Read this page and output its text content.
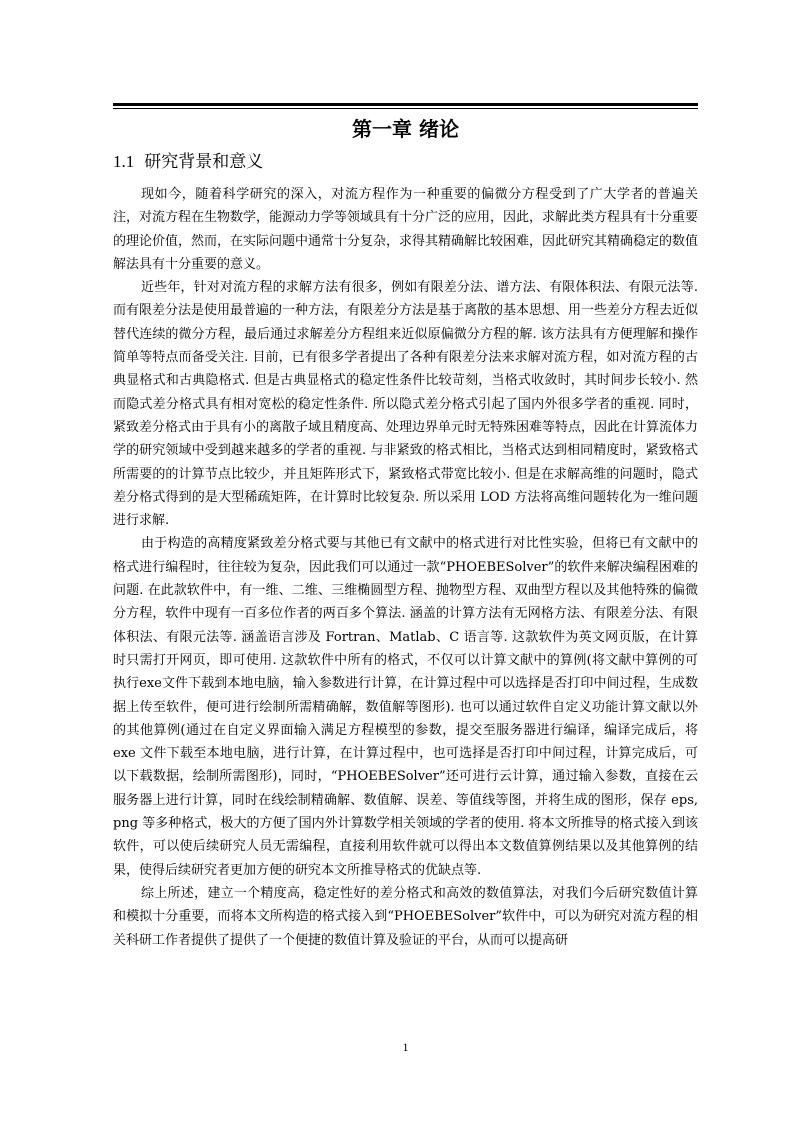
第一章 绪论
1.1 研究背景和意义

现如今，随着科学研究的深入，对流方程作为一种重要的偏微分方程受到了广大学者的普遍关注，对流方程在生物数学，能源动力学等领域具有十分广泛的应用，因此，求解此类方程具有十分重要的理论价值，然而，在实际问题中通常十分复杂，求得其精确解比较困难，因此研究其精确稳定的数值解法具有十分重要的意义。

近些年，针对对流方程的求解方法有很多，例如有限差分法、谱方法、有限体积法、有限元法等. 而有限差分法是使用最普遍的一种方法，有限差分方法是基于离散的基本思想、用一些差分方程去近似替代连续的微分方程，最后通过求解差分方程组来近似原偏微分方程的解. 该方法具有方便理解和操作简单等特点而备受关注. 目前，已有很多学者提出了各种有限差分法来求解对流方程，如对流方程的古典显格式和古典隐格式. 但是古典显格式的稳定性条件比较苛刻，当格式收敛时，其时间步长较小. 然而隐式差分格式具有相对宽松的稳定性条件. 所以隐式差分格式引起了国内外很多学者的重视. 同时，紧致差分格式由于具有小的离散子域且精度高、处理边界单元时无特殊困难等特点，因此在计算流体力学的研究领域中受到越来越多的学者的重视. 与非紧致的格式相比，当格式达到相同精度时，紧致格式所需要的的计算节点比较少，并且矩阵形式下，紧致格式带宽比较小. 但是在求解高维的问题时，隐式差分格式得到的是大型稀疏矩阵，在计算时比较复杂. 所以采用 LOD 方法将高维问题转化为一维问题进行求解.

由于构造的高精度紧致差分格式要与其他已有文献中的格式进行对比性实验，但将已有文献中的格式进行编程时，往往较为复杂，因此我们可以通过一款“PHOEBESolver”的软件来解决编程困难的问题. 在此款软件中，有一维、二维、三维椭圆型方程、抛物型方程、双曲型方程以及其他特殊的偏微分方程，软件中现有一百多位作者的两百多个算法. 涵盖的计算方法有无网格方法、有限差分法、有限体积法、有限元法等. 涵盖语言涉及 Fortran、Matlab、C 语言等. 这款软件为英文网页版，在计算时只需打开网页，即可使用. 这款软件中所有的格式，不仅可以计算文献中的算例(将文献中算例的可执行exe文件下载到本地电脑，输入参数进行计算，在计算过程中可以选择是否打印中间过程，生成数据上传至软件，便可进行绘制所需精确解，数值解等图形). 也可以通过软件自定义功能计算文献以外的其他算例(通过在自定义界面输入满足方程模型的参数，提交至服务器进行编译，编译完成后，将 exe 文件下载至本地电脑，进行计算，在计算过程中，也可选择是否打印中间过程，计算完成后，可以下载数据，绘制所需图形)，同时，“PHOEBESolver”还可进行云计算，通过输入参数，直接在云服务器上进行计算，同时在线绘制精确解、数值解、误差、等值线等图，并将生成的图形，保存 eps, png 等多种格式，极大的方便了国内外计算数学相关领域的学者的使用. 将本文所推导的格式接入到该软件，可以使后续研究人员无需编程，直接利用软件就可以得出本文数值算例结果以及其他算例的结果，使得后续研究者更加方便的研究本文所推导格式的优缺点等.

综上所述，建立一个精度高，稳定性好的差分格式和高效的数值算法，对我们今后研究数值计算和模拟十分重要，而将本文所构造的格式接入到“PHOEBESolver”软件中，可以为研究对流方程的相关科研工作者提供了提供了一个便捷的数值计算及验证的平台，从而可以提高研

1
